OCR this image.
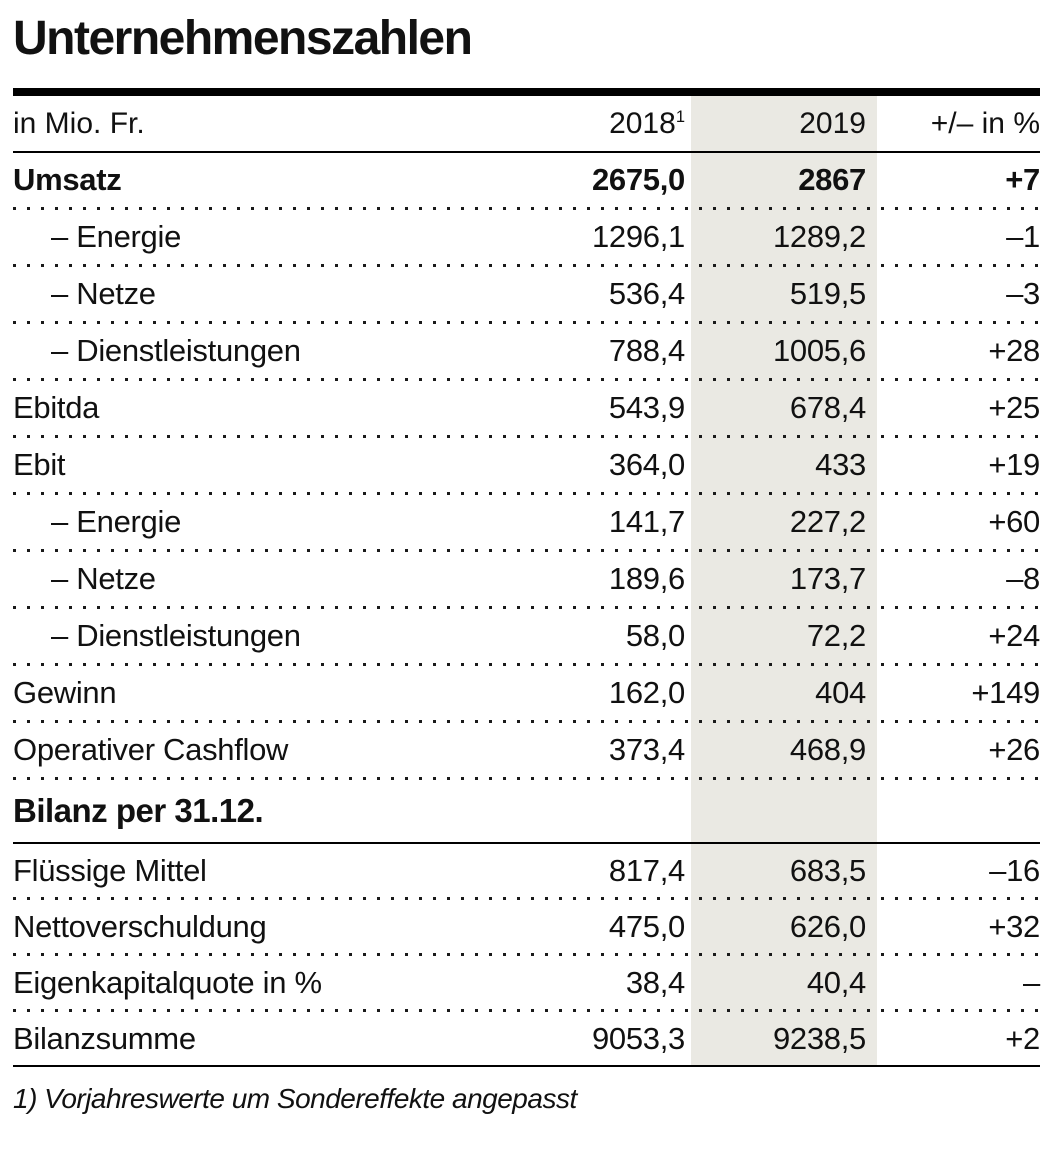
Unternehmenszahlen
in Mio. Fr.	2018$^1$	2019	+/– in %
Umsatz	2675,0	2867	+7
– Energie	1296,1	1289,2	–1
– Netze	536,4	519,5	–3
– Dienstleistungen	788,4	1005,6	+28
Ebitda	543,9	678,4	+25
Ebit	364,0	433	+19
– Energie	141,7	227,2	+60
– Netze	189,6	173,7	–8
– Dienstleistungen	58,0	72,2	+24
Gewinn	162,0	404	+149
Operativer Cashflow	373,4	468,9	+26
Bilanz per 31.12.
Flüssige Mittel	817,4	683,5	–16
Nettoverschuldung	475,0	626,0	+32
Eigenkapitalquote in %	38,4	40,4	–
Bilanzsumme	9053,3	9238,5	+2
1) Vorjahreswerte um Sondereffekte angepasst
